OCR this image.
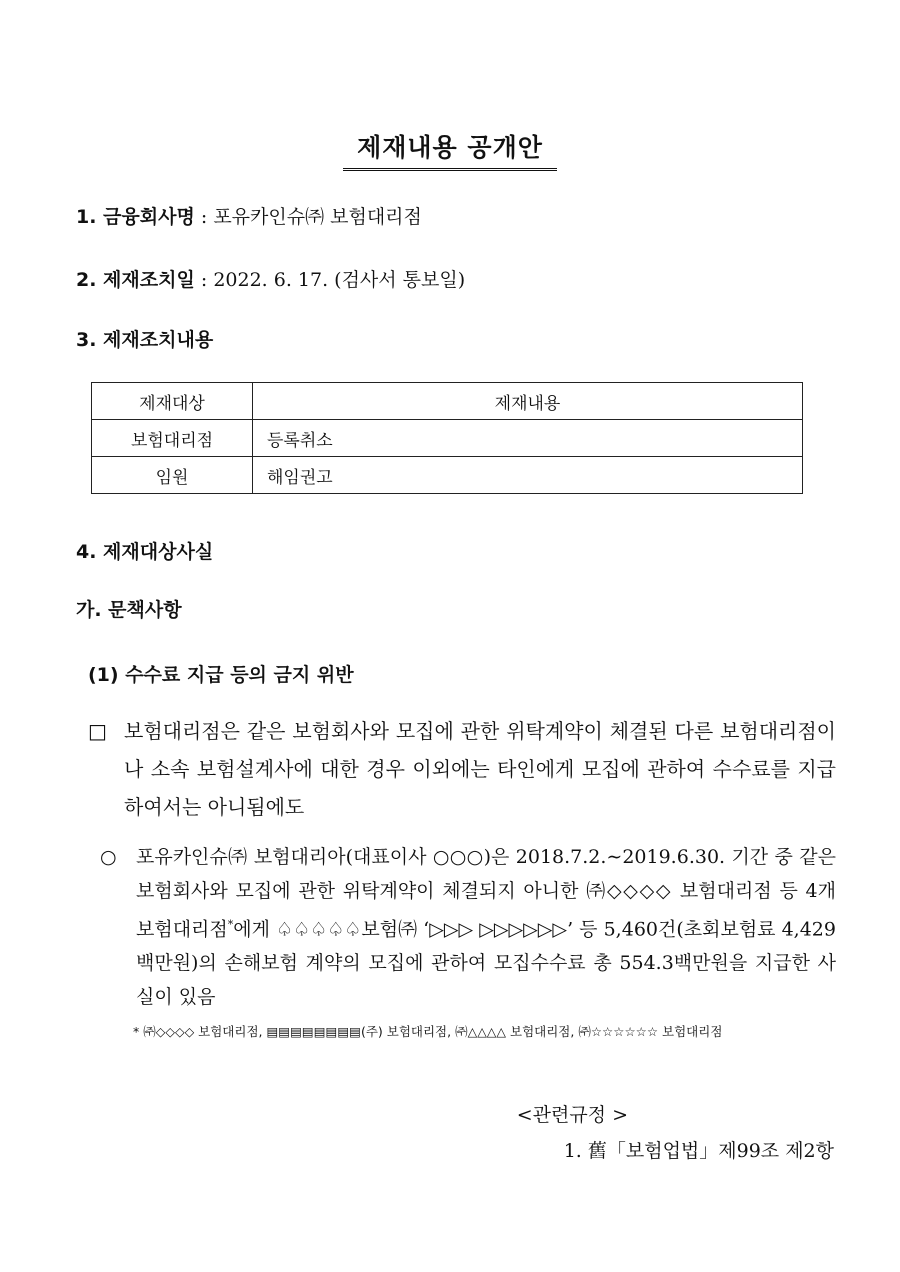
제재내용 공개안
1. 금융회사명 : 포유카인슈㈜ 보험대리점
2. 제재조치일 : 2022. 6. 17. (검사서 통보일)
3. 제재조치내용
제재대상	제재내용
보험대리점	등록취소
임원	해임권고
4. 제재대상사실
가. 문책사항
(1) 수수료 지급 등의 금지 위반
□ 보험대리점은 같은 보험회사와 모집에 관한 위탁계약이 체결된 다른 보험대리점이나 소속 보험설계사에 대한 경우 이외에는 타인에게 모집에 관하여 수수료를 지급하여서는 아니됨에도
○ 포유카인슈㈜ 보험대리아(대표이사 ○○○)은 2018.7.2.∼2019.6.30. 기간 중 같은 보험회사와 모집에 관한 위탁계약이 체결되지 아니한 ㈜◇◇◇◇ 보험대리점 등 4개 보험대리점*에게 ♤♤♤♤♤보험㈜ ‘▷▷▷ ▷▷▷▷▷▷’ 등 5,460건(초회보험료 4,429백만원)의 손해보험 계약의 모집에 관하여 모집수수료 총 554.3백만원을 지급한 사실이 있음
* ㈜◇◇◇◇ 보험대리점, ▤▤▤▤▤▤▤▤(주) 보험대리점, ㈜△△△△ 보험대리점, ㈜☆☆☆☆☆☆ 보험대리점
<관련규정 >
1. 舊「보험업법」제99조 제2항
